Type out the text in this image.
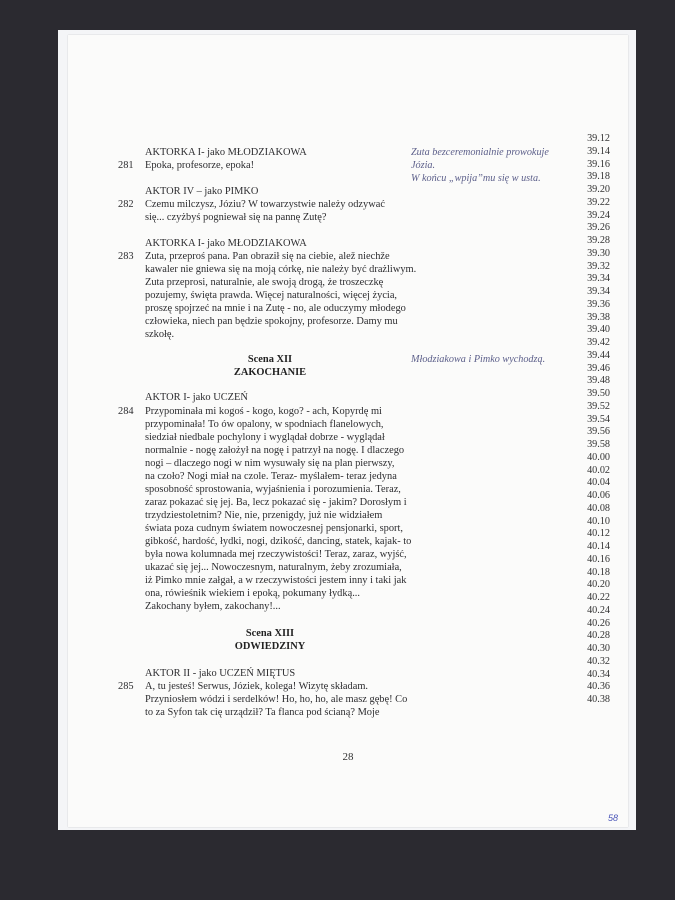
39.12
39.14
39.16
39.18
39.20
39.22
39.24
39.26
39.28
39.30
39.32
39.34
39.34
39.36
39.38
39.40
39.42
39.44
39.46
39.48
39.50
39.52
39.54
39.56
39.58
40.00
40.02
40.04
40.06
40.08
40.10
40.12
40.14
40.16
40.18
40.20
40.22
40.24
40.26
40.28
40.30
40.32
40.34
40.36
40.38
Zuta bezceremonialnie prowokuje
Józia.
W końcu „wpija”mu się w usta.
Młodziakowa i Pimko wychodzą.
AKTORKA I- jako MŁODZIAKOWA
281 Epoka, profesorze, epoka!
AKTOR IV – jako PIMKO
282 Czemu milczysz, Józiu? W towarzystwie należy odzywać
się... czyżbyś pogniewał się na pannę Zutę?
AKTORKA I- jako MŁODZIAKOWA
283 Zuta, przeproś pana. Pan obraził się na ciebie, alež niechže
kawaler nie gniewa się na moją córkę, nie należy być drażliwym.
Zuta przeprosi, naturalnie, ale swoją drogą, że troszeczkę
pozujemy, święta prawda. Więcej naturalności, więcej życia,
proszę spojrzeć na mnie i na Zutę - no, ale oduczymy młodego
człowieka, niech pan będzie spokojny, profesorze. Damy mu
szkołę.
Scena XII
ZAKOCHANIE
AKTOR I- jako UCZEŃ
284 Przypominała mi kogoś - kogo, kogo? - ach, Kopyrdę mi
przypominała! To ów opalony, w spodniach flanelowych,
siedział niedbale pochylony i wyglądał dobrze - wyglądał
normalnie - nogę założył na nogę i patrzył na nogę. I dlaczego
nogi – dlaczego nogi w nim wysuwały się na plan pierwszy,
na czoło? Nogi miał na czole. Teraz- myślałem- teraz jedyna
sposobność sprostowania, wyjaśnienia i porozumienia. Teraz,
zaraz pokazać się jej. Ba, lecz pokazać się - jakim? Dorosłym i
trzydziestoletnim? Nie, nie, przenigdy, już nie widziałem
świata poza cudnym światem nowoczesnej pensjonarki, sport,
gibkość, hardość, łydki, nogi, dzikość, dancing, statek, kajak- to
była nowa kolumnada mej rzeczywistości! Teraz, zaraz, wyjść,
ukazać się jej... Nowoczesnym, naturalnym, żeby zrozumiała,
iż Pimko mnie załgał, a w rzeczywistości jestem inny i taki jak
ona, rówieśnik wiekiem i epoką, pokumany łydką...
Zakochany byłem, zakochany!...
Scena XIII
ODWIEDZINY
AKTOR II - jako UCZEŃ MIĘTUS
285 A, tu jesteś! Serwus, Józiek, kolega! Wizytę składam.
Przyniosłem wódzi i serdelków! Ho, ho, ho, ale masz gębę! Co
to za Syfon tak cię urządził? Ta flanca pod ścianą? Moje
28
58
